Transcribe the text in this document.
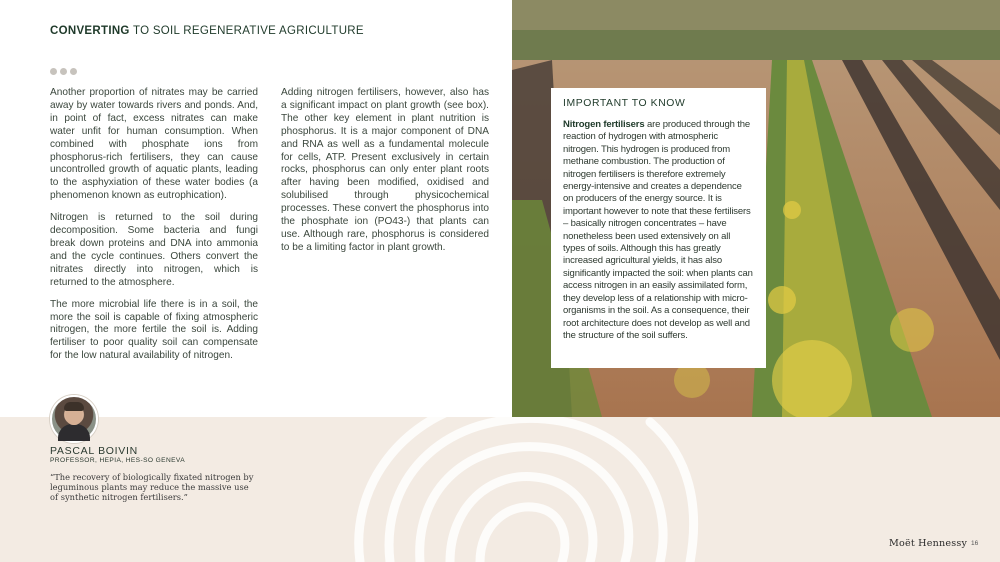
CONVERTING TO SOIL REGENERATIVE AGRICULTURE

Another proportion of nitrates may be carried away by water towards rivers and ponds. And, in point of fact, excess nitrates can make water unfit for human consumption. When combined with phosphate ions from phosphorus-rich fertilisers, they can cause uncontrolled growth of aquatic plants, leading to the asphyxiation of these water bodies (a phenomenon known as eutrophication).

Nitrogen is returned to the soil during decomposition. Some bacteria and fungi break down proteins and DNA into ammonia and the cycle continues. Others convert the nitrates directly into nitrogen, which is returned to the atmosphere.

The more microbial life there is in a soil, the more the soil is capable of fixing atmospheric nitrogen, the more fertile the soil is. Adding fertiliser to poor quality soil can compensate for the low natural availability of nitrogen.

Adding nitrogen fertilisers, however, also has a significant impact on plant growth (see box). The other key element in plant nutrition is phosphorus. It is a major component of DNA and RNA as well as a fundamental molecule for cells, ATP. Present exclusively in certain rocks, phosphorus can only enter plant roots after having been modified, oxidised and solubilised through physicochemical processes. These convert the phosphorus into the phosphate ion (PO43-) that plants can use. Although rare, phosphorus is considered to be a limiting factor in plant growth.

PASCAL BOIVIN
PROFESSOR, HEPIA, HES-SO GENEVA
“The recovery of biologically fixated nitrogen by leguminous plants may reduce the massive use of synthetic nitrogen fertilisers.”
IMPORTANT TO KNOW
Nitrogen fertilisers are produced through the reaction of hydrogen with atmospheric nitrogen. This hydrogen is produced from methane combustion. The production of nitrogen fertilisers is therefore extremely energy-intensive and creates a dependence on producers of the energy source. It is important however to note that these fertilisers – basically nitrogen concentrates – have nonetheless been used extensively on all types of soils. Although this has greatly increased agricultural yields, it has also significantly impacted the soil: when plants can access nitrogen in an easily assimilated form, they develop less of a relationship with micro-organisms in the soil. As a consequence, their root architecture does not develop as well and the structure of the soil suffers.
Moët Hennessy 16
